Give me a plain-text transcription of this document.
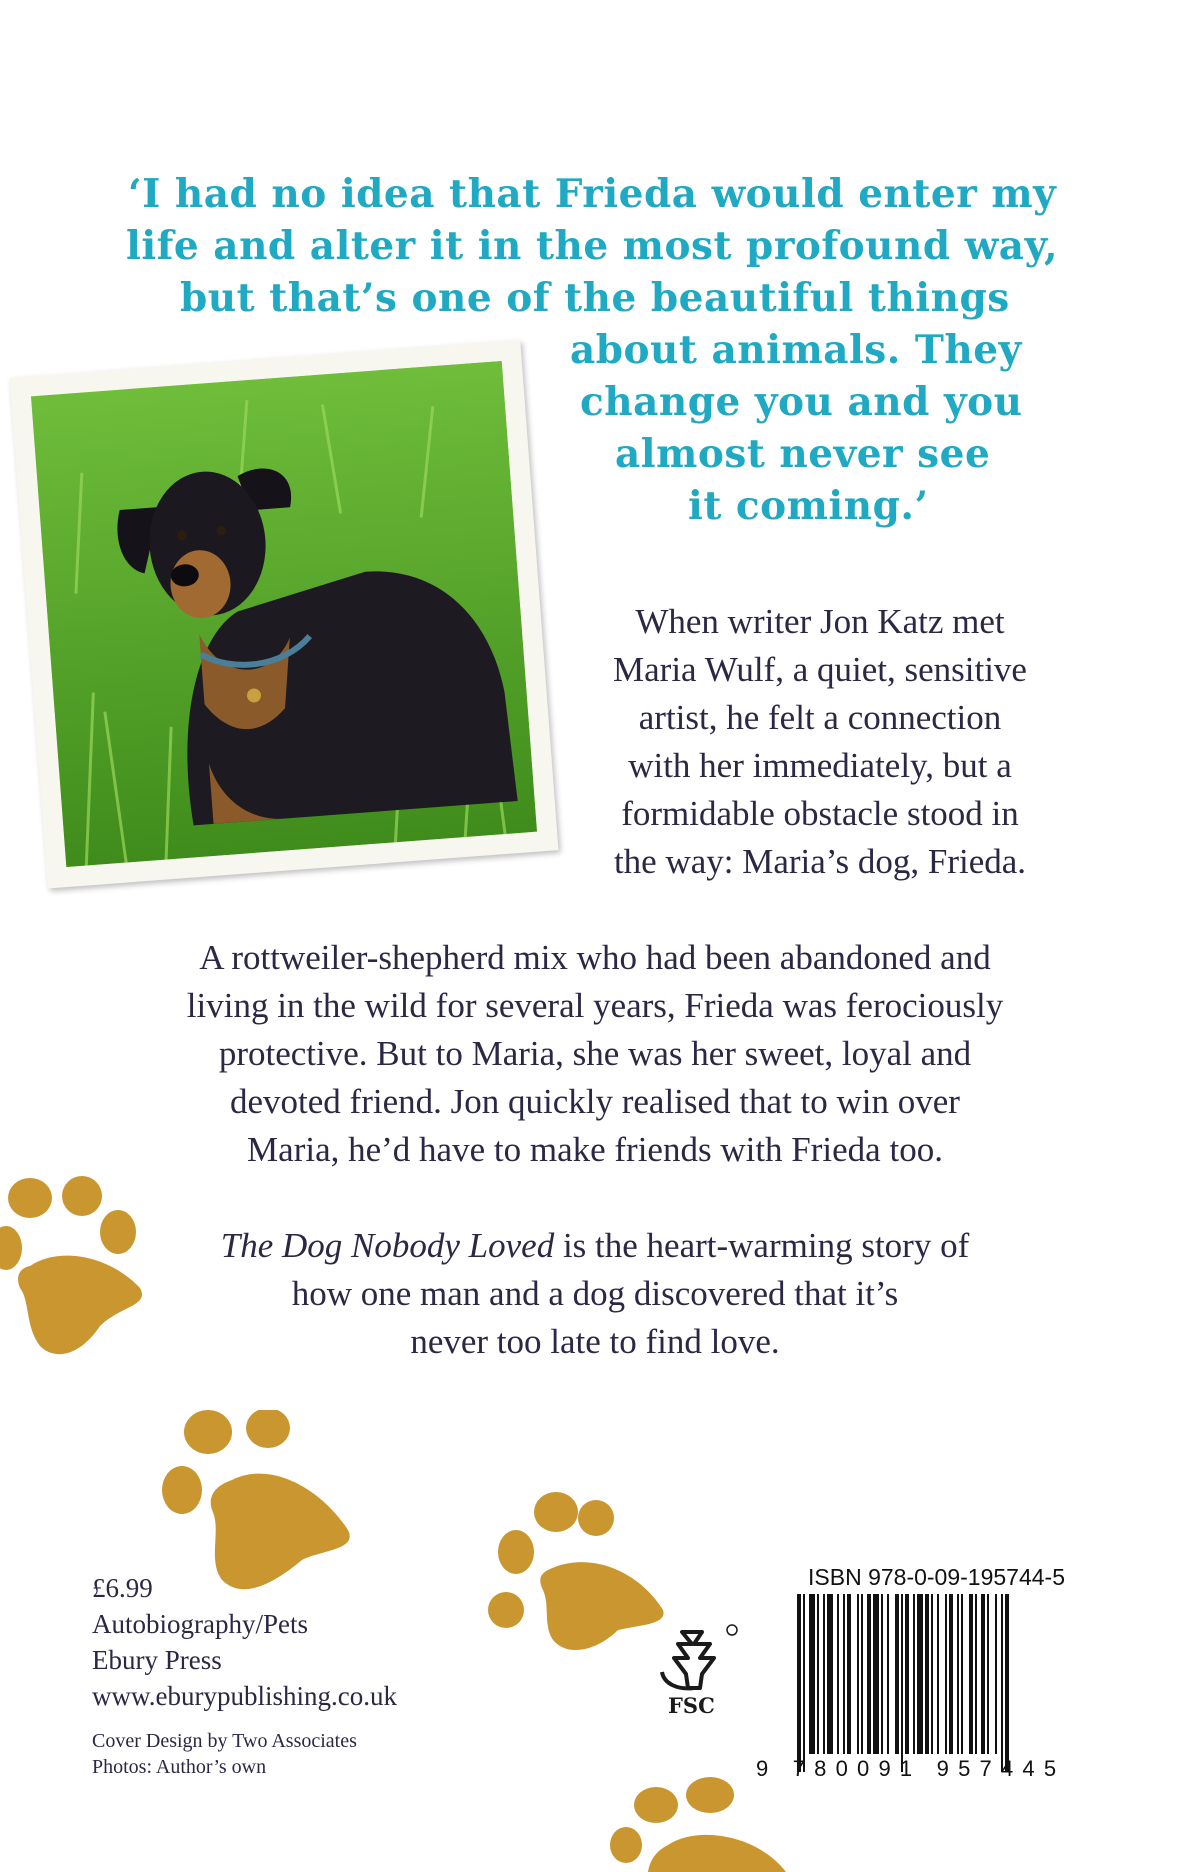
‘I had no idea that Frieda would enter my
life and alter it in the most profound way,
but that’s one of the beautiful things
about animals. They
change you and you
almost never see
it coming.’
When writer Jon Katz met
Maria Wulf, a quiet, sensitive
artist, he felt a connection
with her immediately, but a
formidable obstacle stood in
the way: Maria’s dog, Frieda.
A rottweiler-shepherd mix who had been abandoned and
living in the wild for several years, Frieda was ferociously
protective. But to Maria, she was her sweet, loyal and
devoted friend. Jon quickly realised that to win over
Maria, he’d have to make friends with Frieda too.
The Dog Nobody Loved is the heart-warming story of
how one man and a dog discovered that it’s
never too late to find love.
£6.99
Autobiography/Pets
Ebury Press
www.eburypublishing.co.uk
Cover Design by Two Associates
Photos: Author’s own
FSC
ISBN 978-0-09-195744-5
9 780091 957445
